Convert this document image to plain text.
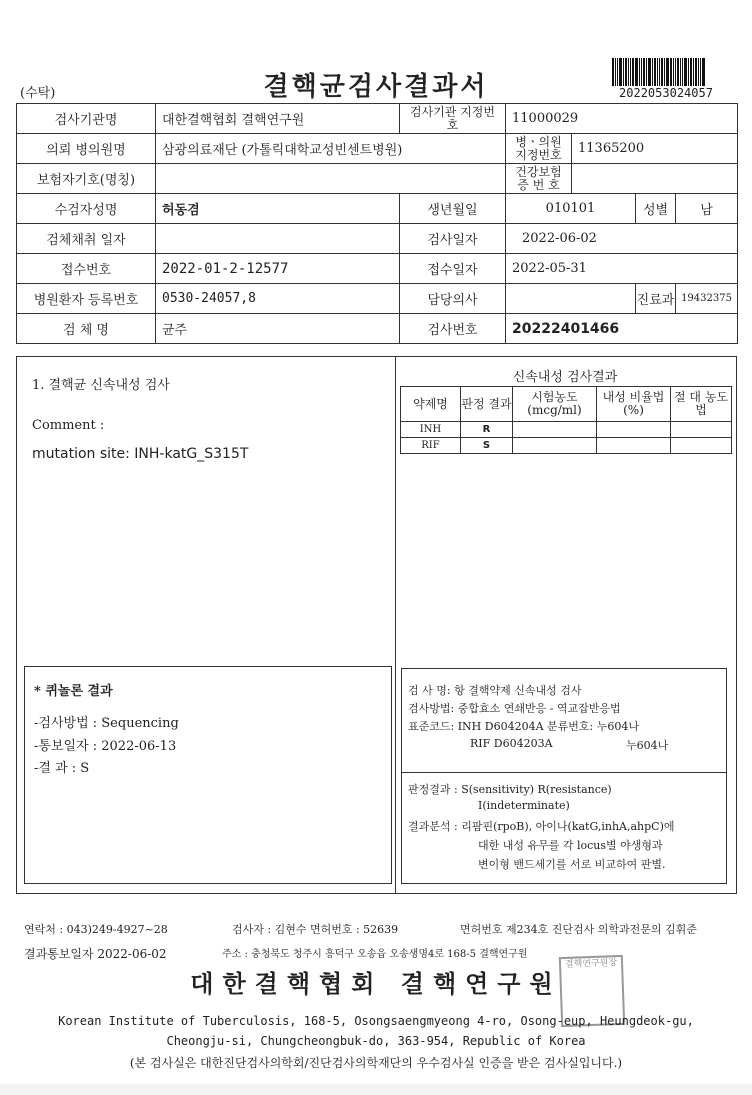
(수탁)	결핵균검사결과서	2022053024057
검사기관명	대한결핵협회 결핵연구원	검사기관 지정번호	11000029			
의뢰 병의원명	삼광의료재단 (가톨릭대학교성빈센트병원)		병ㆍ의원 지정번호	11365200		
보험자기호(명칭)			건강보험 증 번 호			
수검자성명	허동겸	생년월일	010101		성별	남
검체채취 일자		검사일자	2022-06-02			
접수번호	2022-01-2-12577	접수일자	2022-05-31			
병원환자 등록번호	0530-24057,8	담당의사			진료과	19432375
검 체 명	균주	검사번호	20222401466			
1. 결핵균 신속내성 검사
Comment :
mutation site: INH-katG_S315T
* 퀴놀론 결과
-검사방법 : Sequencing
-통보일자 : 2022-06-13
-결 과 : S
신속내성 검사결과
약제명	판정 결과	시험농도 (mcg/ml)	내성 비율법(%)	절 대 농도법
INH	R			
RIF	S			
검 사 명: 항 결핵약제 신속내성 검사
검사방법: 중합효소 연쇄반응 - 역교잡반응법
표준코드: INH D604204A 분류번호: 누604나
RIF D604203A	누604나
판정결과 : S(sensitivity) R(resistance)
I(indeterminate)
결과분석 : 리팜핀(rpoB), 아이나(katG,inhA,ahpC)에
대한 내성 유무를 각 locus별 야생형과
변이형 밴드세기를 서로 비교하여 판별.
연락처 : 043)249-4927~28	검사자 : 김현수 면허번호 : 52639	면허번호 제234호 진단검사 의학과전문의 김휘준
결과통보일자 2022-06-02	주소 : 충청북도 청주시 흥덕구 오송읍 오송생명4로 168-5 결핵연구원
결핵연구원장
대한결핵협회 결핵연구원
Korean Institute of Tuberculosis, 168-5, Osongsaengmyeong 4-ro, Osong-eup, Heungdeok-gu,
Cheongju-si, Chungcheongbuk-do, 363-954, Republic of Korea
(본 검사실은 대한진단검사의학회/진단검사의학재단의 우수검사실 인증을 받은 검사실입니다.)
